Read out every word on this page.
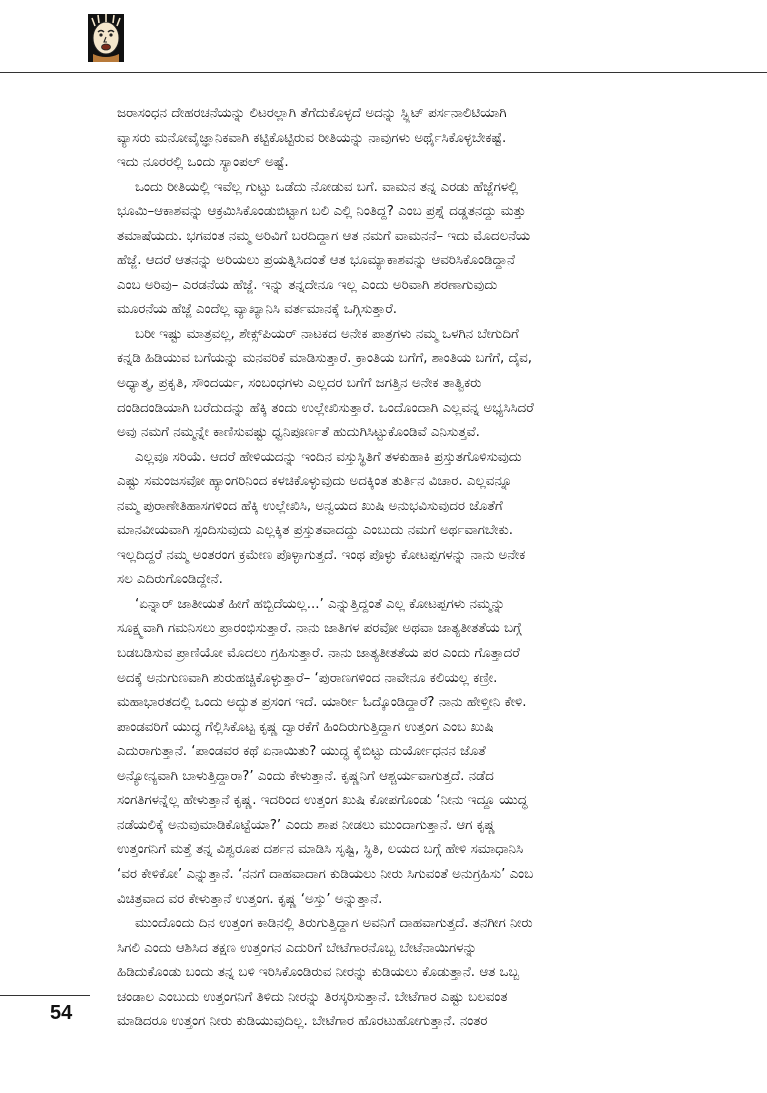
ಜರಾಸಂಧನ ದೇಹರಚನೆಯನ್ನು ಲಿಟರಲ್ಲಾಗಿ ತೆಗೆದುಕೊಳ್ಳದೆ ಅದನ್ನು ಸ್ಪ್ಲಿಟ್ ಪರ್ಸನಾಲಿಟಿಯಾಗಿ
ವ್ಯಾಸರು ಮನೋವೈಜ್ಞಾನಿಕವಾಗಿ ಕಟ್ಟಿಕೊಟ್ಟಿರುವ ರೀತಿಯನ್ನು ನಾವುಗಳು ಅರ್ಥೈಸಿಕೊಳ್ಳಬೇಕಷ್ಟೆ.
ಇದು ನೂರರಲ್ಲಿ ಒಂದು ಸ್ಯಾಂಪಲ್ ಅಷ್ಟೆ.
ಒಂದು ರೀತಿಯಲ್ಲಿ ಇವೆಲ್ಲ ಗುಟ್ಟು ಒಡೆದು ನೋಡುವ ಬಗೆ. ವಾಮನ ತನ್ನ ಎರಡು ಹೆಜ್ಜೆಗಳಲ್ಲಿ
ಭೂಮಿ–ಆಕಾಶವನ್ನು ಆಕ್ರಮಿಸಿಕೊಂಡುಬಿಟ್ಟಾಗ ಬಲಿ ಎಲ್ಲಿ ನಿಂತಿದ್ದ? ಎಂಬ ಪ್ರಶ್ನೆ ದಡ್ಡತನದ್ದು ಮತ್ತು
ತಮಾಷೆಯದು. ಭಗವಂತ ನಮ್ಮ ಅರಿವಿಗೆ ಬರದಿದ್ದಾಗ ಆತ ನಮಗೆ ವಾಮನನೆ– ಇದು ಮೊದಲನೆಯ
ಹೆಜ್ಜೆ. ಆದರೆ ಆತನನ್ನು ಅರಿಯಲು ಪ್ರಯತ್ನಿಸಿದಂತೆ ಆತ ಭೂಮ್ಯಾಕಾಶವನ್ನು ಆವರಿಸಿಕೊಂಡಿದ್ದಾನೆ
ಎಂಬ ಅರಿವು– ಎರಡನೆಯ ಹೆಜ್ಜೆ. ಇನ್ನು ತನ್ನದೇನೂ ಇಲ್ಲ ಎಂದು ಅರಿವಾಗಿ ಶರಣಾಗುವುದು
ಮೂರನೆಯ ಹೆಜ್ಜೆ ಎಂದೆಲ್ಲ ವ್ಯಾಖ್ಯಾನಿಸಿ ವರ್ತಮಾನಕ್ಕೆ ಒಗ್ಗಿಸುತ್ತಾರೆ.
ಬರೀ ಇಷ್ಟು ಮಾತ್ರವಲ್ಲ, ಶೇಕ್ಸ್‌ಪಿಯರ್ ನಾಟಕದ ಅನೇಕ ಪಾತ್ರಗಳು ನಮ್ಮ ಒಳಗಿನ ಬೇಗುದಿಗೆ
ಕನ್ನಡಿ ಹಿಡಿಯುವ ಬಗೆಯನ್ನು ಮನವರಿಕೆ ಮಾಡಿಸುತ್ತಾರೆ. ಕ್ರಾಂತಿಯ ಬಗೆಗೆ, ಶಾಂತಿಯ ಬಗೆಗೆ, ದೈವ,
ಅಧ್ಯಾತ್ಮ, ಪ್ರಕೃತಿ, ಸೌಂದರ್ಯ, ಸಂಬಂಧಗಳು ಎಲ್ಲದರ ಬಗೆಗೆ ಜಗತ್ತಿನ ಅನೇಕ ತಾತ್ವಿಕರು
ದಂಡಿದಂಡಿಯಾಗಿ ಬರೆದುದನ್ನು ಹೆಕ್ಕಿ ತಂದು ಉಲ್ಲೇಖಿಸುತ್ತಾರೆ. ಒಂದೊಂದಾಗಿ ಎಲ್ಲವನ್ನ ಅಭ್ಯಸಿಸಿದರೆ
ಅವು ನಮಗೆ ನಮ್ಮನ್ನೇ ಕಾಣಿಸುವಷ್ಟು ಧ್ವನಿಪೂರ್ಣತೆ ಹುದುಗಿಸಿಟ್ಟುಕೊಂಡಿವೆ ಎನಿಸುತ್ತವೆ.
ಎಲ್ಲವೂ ಸರಿಯೆ. ಆದರೆ ಹೇಳಿಯದನ್ನು ಇಂದಿನ ವಸ್ತುಸ್ಥಿತಿಗೆ ತಳಕುಹಾಕಿ ಪ್ರಸ್ತುತಗೊಳಿಸುವುದು
ಎಷ್ಟು ಸಮಂಜಸವೋ ಹ್ಯಾಂಗರಿನಿಂದ ಕಳಚಿಕೊಳ್ಳುವುದು ಅದಕ್ಕಿಂತ ತುರ್ತಿನ ವಿಚಾರ. ಎಲ್ಲವನ್ನೂ
ನಮ್ಮ ಪುರಾಣೇತಿಹಾಸಗಳಿಂದ ಹೆಕ್ಕಿ ಉಲ್ಲೇಖಿಸಿ, ಅನ್ವಯದ ಖುಷಿ ಅನುಭವಿಸುವುದರ ಜೊತೆಗೆ
ಮಾನವೀಯವಾಗಿ ಸ್ಪಂದಿಸುವುದು ಎಲ್ಲಕ್ಕಿತ ಪ್ರಸ್ತುತವಾದದ್ದು ಎಂಬುದು ನಮಗೆ ಅರ್ಥವಾಗಬೇಕು.
ಇಲ್ಲದಿದ್ದರೆ ನಮ್ಮ ಅಂತರಂಗ ಕ್ರಮೇಣ ಪೊಳ್ಳಾಗುತ್ತದೆ. ಇಂಥ ಪೊಳ್ಳು ಕೋಟಪ್ಪಗಳನ್ನು ನಾನು ಅನೇಕ
ಸಲ ಎದಿರುಗೊಂಡಿದ್ದೇನೆ.
‘ಏನ್ನಾರ್ ಜಾತೀಯತೆ ಹೀಗೆ ಹಬ್ಬಿದೆಯಲ್ಲ...’ ಎನ್ನುತ್ತಿದ್ದಂತೆ ಎಲ್ಲ ಕೋಟಪ್ಪಗಳು ನಮ್ಮನ್ನು
ಸೂಕ್ಷ್ಮವಾಗಿ ಗಮನಿಸಲು ಪ್ರಾರಂಭಿಸುತ್ತಾರೆ. ನಾನು ಜಾತಿಗಳ ಪರವೋ ಅಥವಾ ಜಾತ್ಯತೀತತೆಯ ಬಗ್ಗೆ
ಬಡಬಡಿಸುವ ಪ್ರಾಣಿಯೋ ಮೊದಲು ಗ್ರಹಿಸುತ್ತಾರೆ. ನಾನು ಜಾತ್ಯತೀತತೆಯ ಪರ ಎಂದು ಗೊತ್ತಾದರೆ
ಅದಕ್ಕೆ ಅನುಗುಣವಾಗಿ ಶುರುಹಚ್ಚಿಕೊಳ್ಳುತ್ತಾರೆ– ‘ಪುರಾಣಗಳಿಂದ ನಾವೇನೂ ಕಲಿಯಲ್ಲ ಕಣ್ರೀ.
ಮಹಾಭಾರತದಲ್ಲಿ ಒಂದು ಅದ್ಭುತ ಪ್ರಸಂಗ ಇದೆ. ಯಾರ್ರೀ ಓದ್ಕೊಂಡಿದ್ದಾರೆ? ನಾನು ಹೇಳ್ತೀನಿ ಕೇಳಿ.
ಪಾಂಡವರಿಗೆ ಯುದ್ಧ ಗೆಲ್ಲಿಸಿಕೊಟ್ಟ ಕೃಷ್ಣ ದ್ವಾರಕೆಗೆ ಹಿಂದಿರುಗುತ್ತಿದ್ದಾಗ ಉತ್ತಂಗ ಎಂಬ ಖುಷಿ
ಎದುರಾಗುತ್ತಾನೆ. ‘ಪಾಂಡವರ ಕಥೆ ಏನಾಯಿತು? ಯುದ್ಧ ಕೈಬಿಟ್ಟು ದುರ್ಯೋಧನನ ಜೊತೆ
ಅನ್ಯೋನ್ಯವಾಗಿ ಬಾಳುತ್ತಿದ್ದಾರಾ?’ ಎಂದು ಕೇಳುತ್ತಾನೆ. ಕೃಷ್ಣನಿಗೆ ಆಶ್ಚರ್ಯವಾಗುತ್ತದೆ. ನಡೆದ
ಸಂಗತಿಗಳನ್ನೆಲ್ಲ ಹೇಳುತ್ತಾನೆ ಕೃಷ್ಣ. ಇದರಿಂದ ಉತ್ತಂಗ ಖುಷಿ ಕೋಪಗೊಂಡು ‘ನೀನು ಇದ್ದೂ ಯುದ್ಧ
ನಡೆಯಲಿಕ್ಕೆ ಅನುವುಮಾಡಿಕೊಟ್ಟೆಯಾ?’ ಎಂದು ಶಾಪ ನೀಡಲು ಮುಂದಾಗುತ್ತಾನೆ. ಆಗ ಕೃಷ್ಣ
ಉತ್ತಂಗನಿಗೆ ಮತ್ತೆ ತನ್ನ ವಿಶ್ವರೂಪ ದರ್ಶನ ಮಾಡಿಸಿ ಸೃಷ್ಟಿ, ಸ್ಥಿತಿ, ಲಯದ ಬಗ್ಗೆ ಹೇಳಿ ಸಮಾಧಾನಿಸಿ
‘ವರ ಕೇಳಿಕೋ’ ಎನ್ನುತ್ತಾನೆ. ‘ನನಗೆ ದಾಹವಾದಾಗ ಕುಡಿಯಲು ನೀರು ಸಿಗುವಂತೆ ಅನುಗ್ರಹಿಸು’ ಎಂಬ
ವಿಚಿತ್ರವಾದ ವರ ಕೇಳುತ್ತಾನೆ ಉತ್ತಂಗ. ಕೃಷ್ಣ ‘ಅಸ್ತು’ ಅನ್ನುತ್ತಾನೆ.
ಮುಂದೊಂದು ದಿನ ಉತ್ತಂಗ ಕಾಡಿನಲ್ಲಿ ತಿರುಗುತ್ತಿದ್ದಾಗ ಅವನಿಗೆ ದಾಹವಾಗುತ್ತದೆ. ತನಗೀಗ ನೀರು
ಸಿಗಲಿ ಎಂದು ಆಶಿಸಿದ ತಕ್ಷಣ ಉತ್ತಂಗನ ಎದುರಿಗೆ ಬೇಟೆಗಾರನೊಬ್ಬ ಬೇಟೆನಾಯಿಗಳನ್ನು
ಹಿಡಿದುಕೊಂಡು ಬಂದು ತನ್ನ ಬಳಿ ಇರಿಸಿಕೊಂಡಿರುವ ನೀರನ್ನು ಕುಡಿಯಲು ಕೊಡುತ್ತಾನೆ. ಆತ ಒಬ್ಬ
ಚಂಡಾಲ ಎಂಬುದು ಉತ್ತಂಗನಿಗೆ ತಿಳಿದು ನೀರನ್ನು ತಿರಸ್ಕರಿಸುತ್ತಾನೆ. ಬೇಟೆಗಾರ ಎಷ್ಟು ಬಲವಂತ
ಮಾಡಿದರೂ ಉತ್ತಂಗ ನೀರು ಕುಡಿಯುವುದಿಲ್ಲ. ಬೇಟೆಗಾರ ಹೊರಟುಹೋಗುತ್ತಾನೆ. ನಂತರ
54
